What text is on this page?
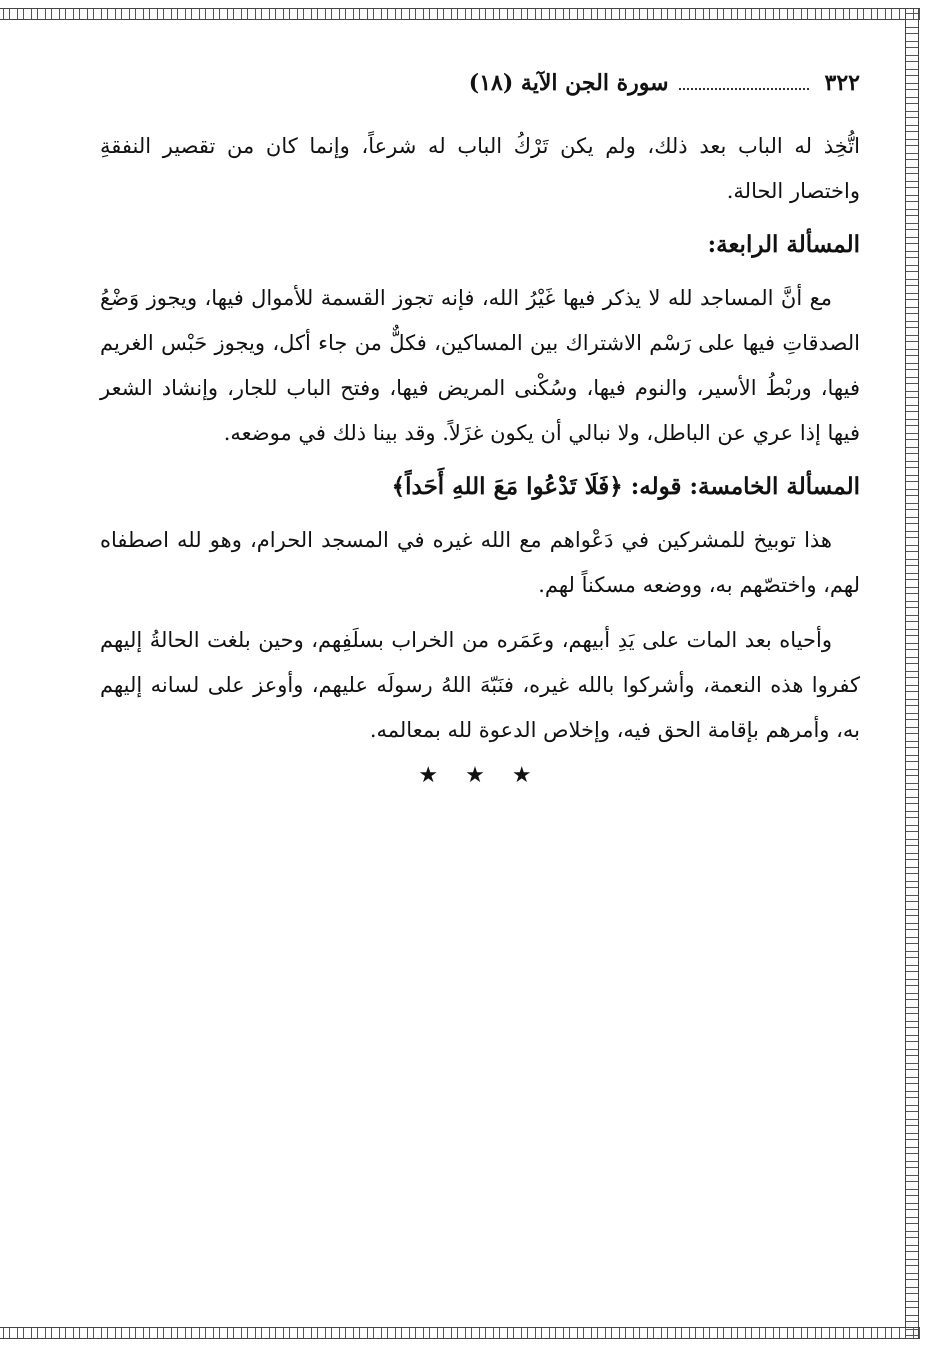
٣٢٢
سورة الجن الآية (١٨)

اتُّخِذ له الباب بعد ذلك، ولم يكن تَرْكُ الباب له شرعاً، وإنما كان من تقصير النفقةِ واختصار الحالة.

المسألة الرابعة:

مع أنَّ المساجد لله لا يذكر فيها غَيْرُ الله، فإنه تجوز القسمة للأموال فيها، ويجوز وَضْعُ الصدقاتِ فيها على رَسْم الاشتراك بين المساكين، فكلٌّ من جاء أكل، ويجوز حَبْس الغريم فيها، وربْطُ الأسير، والنوم فيها، وسُكْنى المريض فيها، وفتح الباب للجار، وإنشاد الشعر فيها إذا عري عن الباطل، ولا نبالي أن يكون غزَلاً. وقد بينا ذلك في موضعه.

المسألة الخامسة: قوله: ﴿فَلَا تَدْعُوا مَعَ اللهِ أَحَداً﴾

هذا توبيخ للمشركين في دَعْواهم مع الله غيره في المسجد الحرام، وهو لله اصطفاه لهم، واختصّهم به، ووضعه مسكناً لهم.

وأحياه بعد المات على يَدِ أبيهم، وعَمَره من الخراب بسلَفِهم، وحين بلغت الحالةُ إليهم كفروا هذه النعمة، وأشركوا بالله غيره، فنَبّهَ اللهُ رسولَه عليهم، وأوعز على لسانه إليهم به، وأمرهم بإقامة الحق فيه، وإخلاص الدعوة لله بمعالمه.

★ ★ ★
